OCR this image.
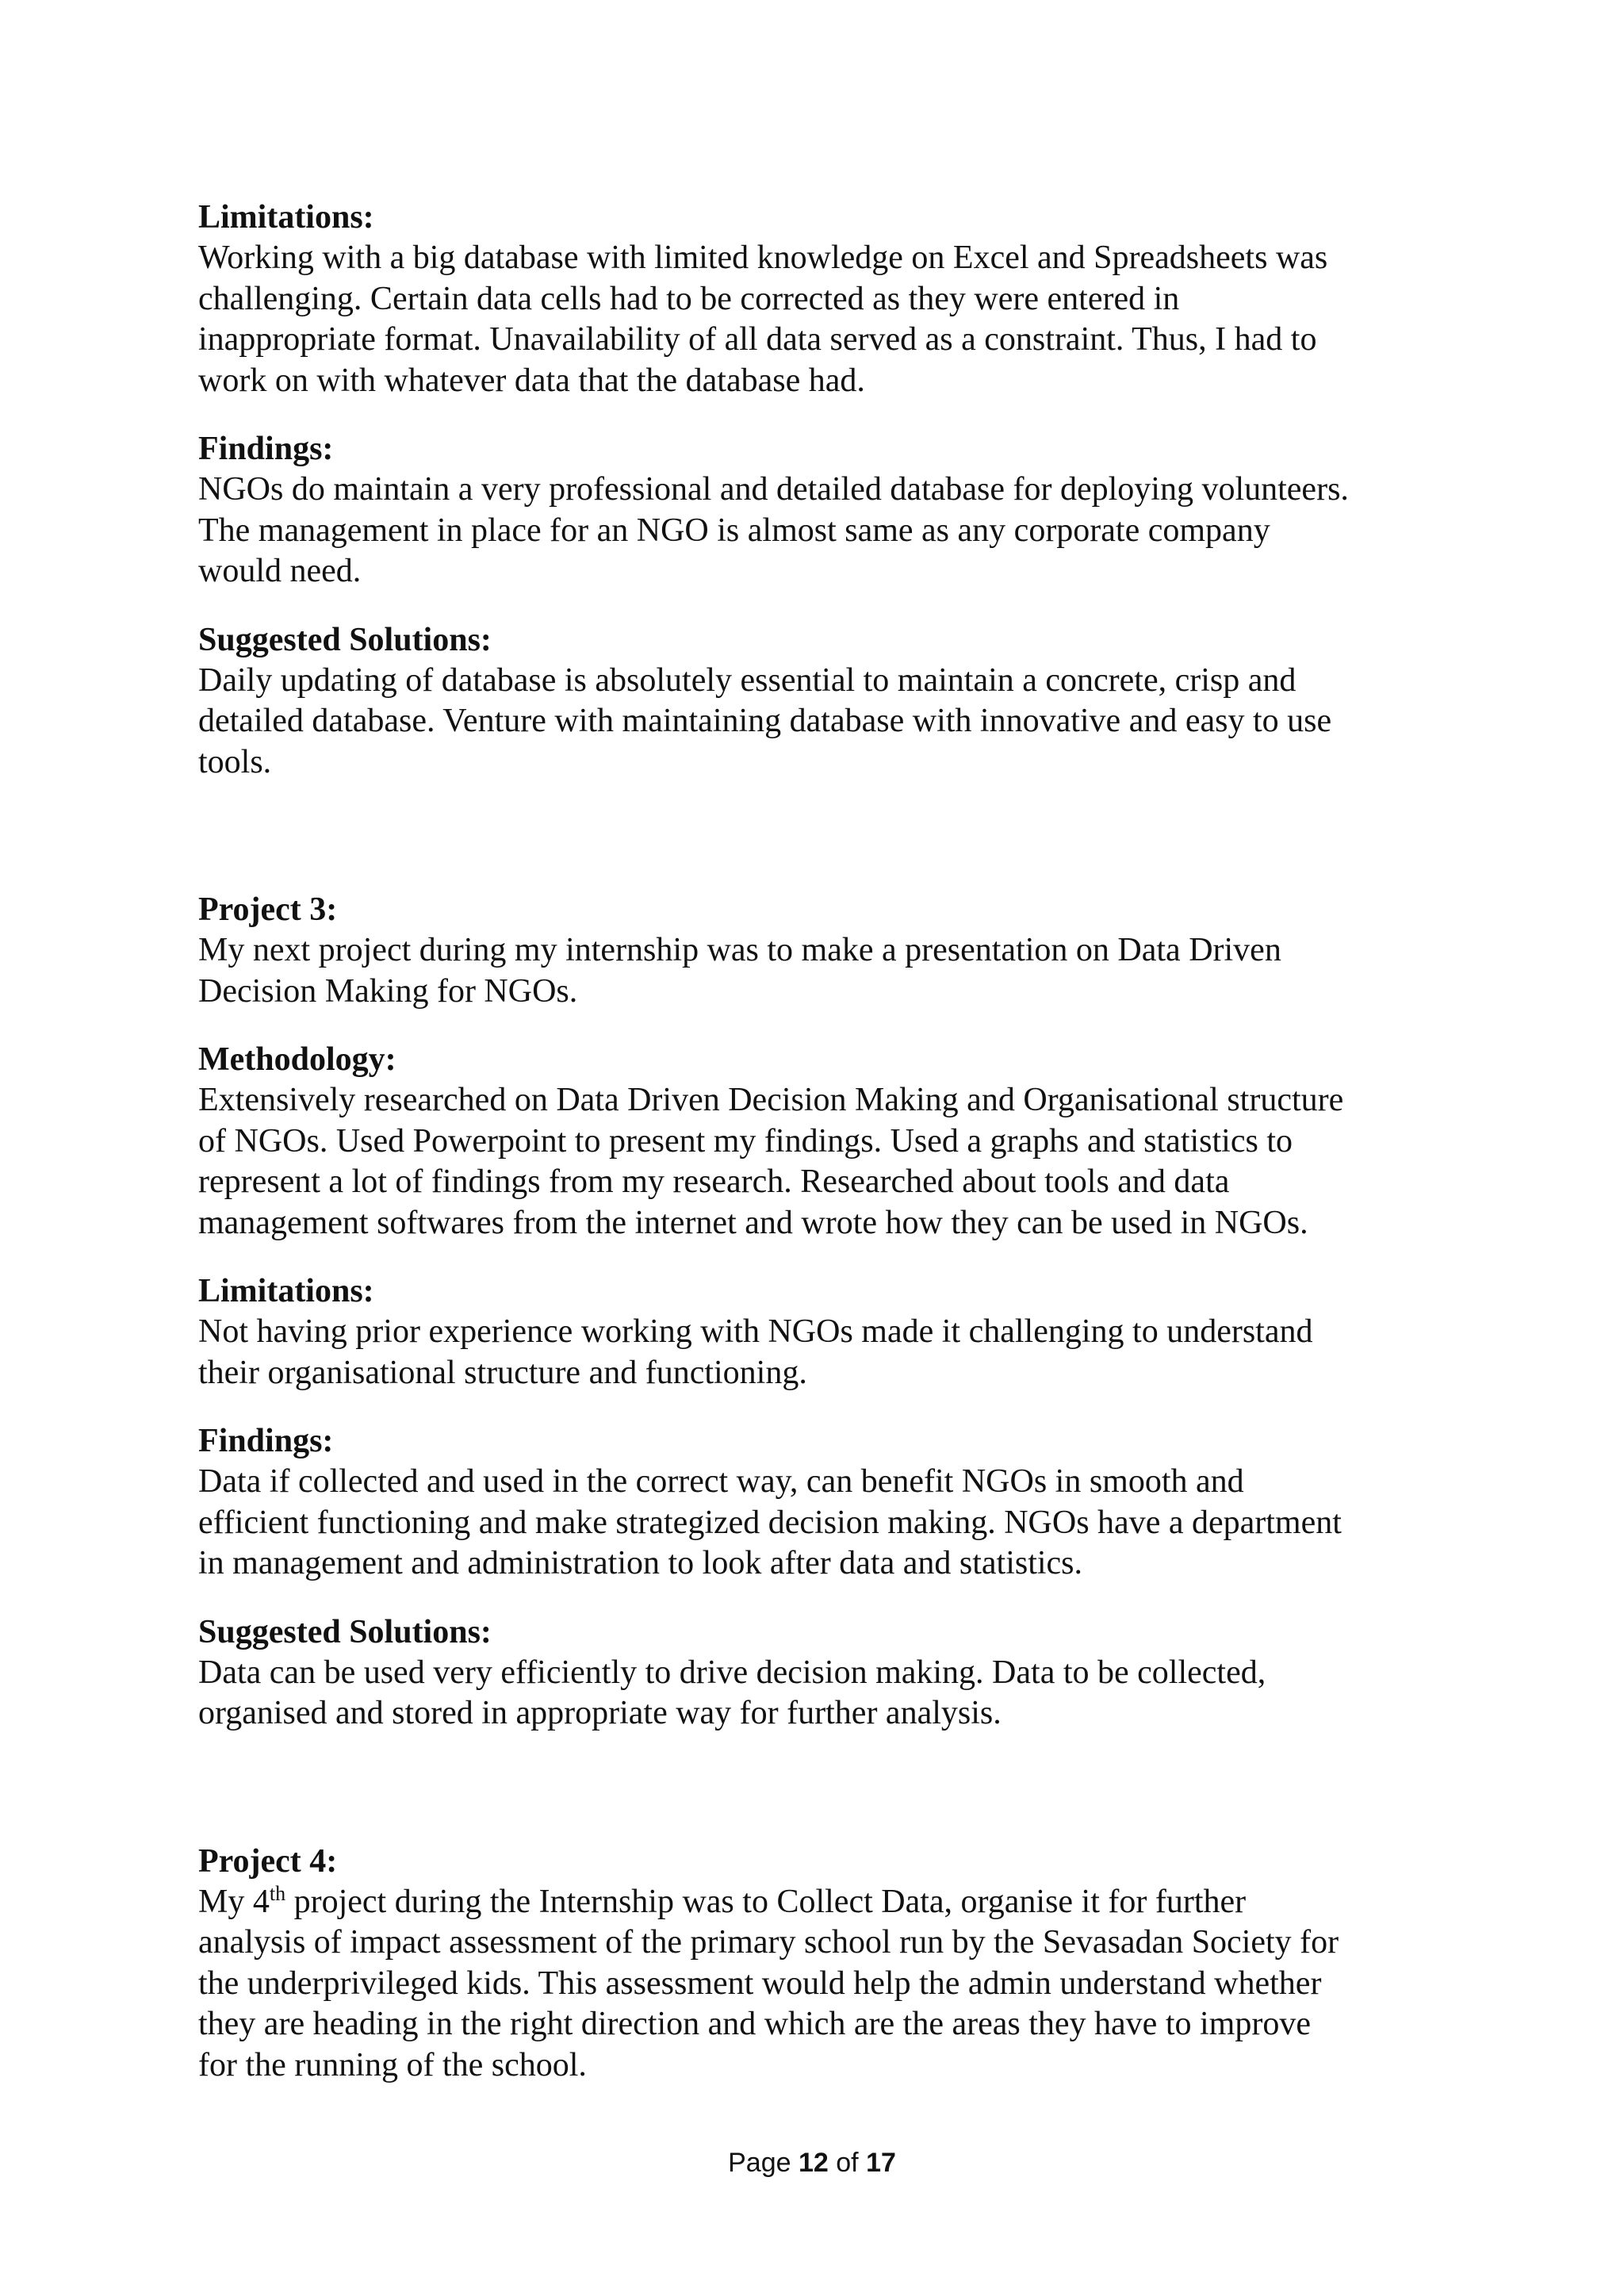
Limitations:

Working with a big database with limited knowledge on Excel and Spreadsheets was

challenging. Certain data cells had to be corrected as they were entered in

inappropriate format. Unavailability of all data served as a constraint. Thus, I had to

work on with whatever data that the database had.

Findings:

NGOs do maintain a very professional and detailed database for deploying volunteers.

The management in place for an NGO is almost same as any corporate company

would need.

Suggested Solutions:

Daily updating of database is absolutely essential to maintain a concrete, crisp and

detailed database. Venture with maintaining database with innovative and easy to use

tools.

Project 3:

My next project during my internship was to make a presentation on Data Driven

Decision Making for NGOs.

Methodology:

Extensively researched on Data Driven Decision Making and Organisational structure

of NGOs. Used Powerpoint to present my findings. Used a graphs and statistics to

represent a lot of findings from my research. Researched about tools and data

management softwares from the internet and wrote how they can be used in NGOs.

Limitations:

Not having prior experience working with NGOs made it challenging to understand

their organisational structure and functioning.

Findings:

Data if collected and used in the correct way, can benefit NGOs in smooth and

efficient functioning and make strategized decision making. NGOs have a department

in management and administration to look after data and statistics.

Suggested Solutions:

Data can be used very efficiently to drive decision making. Data to be collected,

organised and stored in appropriate way for further analysis.

Project 4:

My 4th project during the Internship was to Collect Data, organise it for further

analysis of impact assessment of the primary school run by the Sevasadan Society for

the underprivileged kids. This assessment would help the admin understand whether

they are heading in the right direction and which are the areas they have to improve

for the running of the school.

Page 12 of 17
